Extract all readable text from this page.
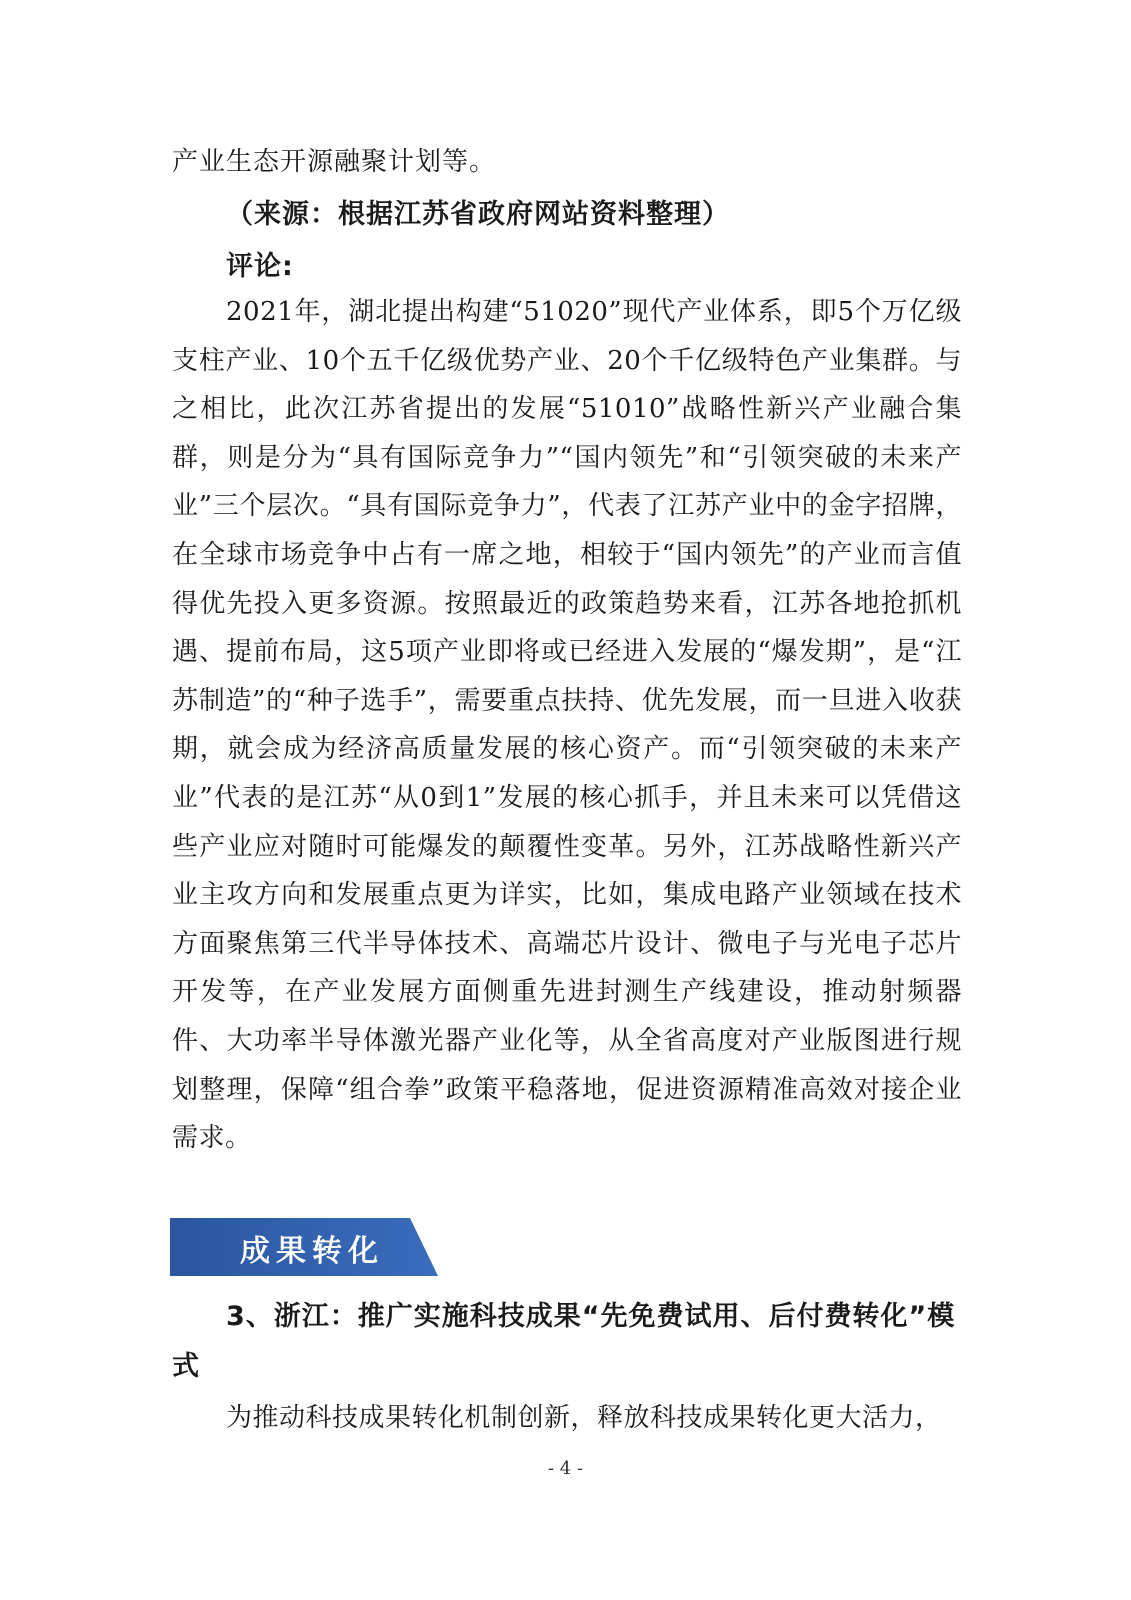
产业生态开源融聚计划等。
（来源：根据江苏省政府网站资料整理）
评论:
2021年，湖北提出构建“51020”现代产业体系，即5个万亿级支柱产业、10个五千亿级优势产业、20个千亿级特色产业集群。与之相比，此次江苏省提出的发展“51010”战略性新兴产业融合集群，则是分为“具有国际竞争力”“国内领先”和“引领突破的未来产业”三个层次。“具有国际竞争力”，代表了江苏产业中的金字招牌，在全球市场竞争中占有一席之地，相较于“国内领先”的产业而言值得优先投入更多资源。按照最近的政策趋势来看，江苏各地抢抓机遇、提前布局，这5项产业即将或已经进入发展的“爆发期”，是“江苏制造”的“种子选手”，需要重点扶持、优先发展，而一旦进入收获期，就会成为经济高质量发展的核心资产。而“引领突破的未来产业”代表的是江苏“从0到1”发展的核心抓手，并且未来可以凭借这些产业应对随时可能爆发的颠覆性变革。另外，江苏战略性新兴产业主攻方向和发展重点更为详实，比如，集成电路产业领域在技术方面聚焦第三代半导体技术、高端芯片设计、微电子与光电子芯片开发等，在产业发展方面侧重先进封测生产线建设，推动射频器件、大功率半导体激光器产业化等，从全省高度对产业版图进行规划整理，保障“组合拳”政策平稳落地，促进资源精准高效对接企业需求。
成果转化
3、浙江：推广实施科技成果“先免费试用、后付费转化”模式
为推动科技成果转化机制创新，释放科技成果转化更大活力，
- 4 -
